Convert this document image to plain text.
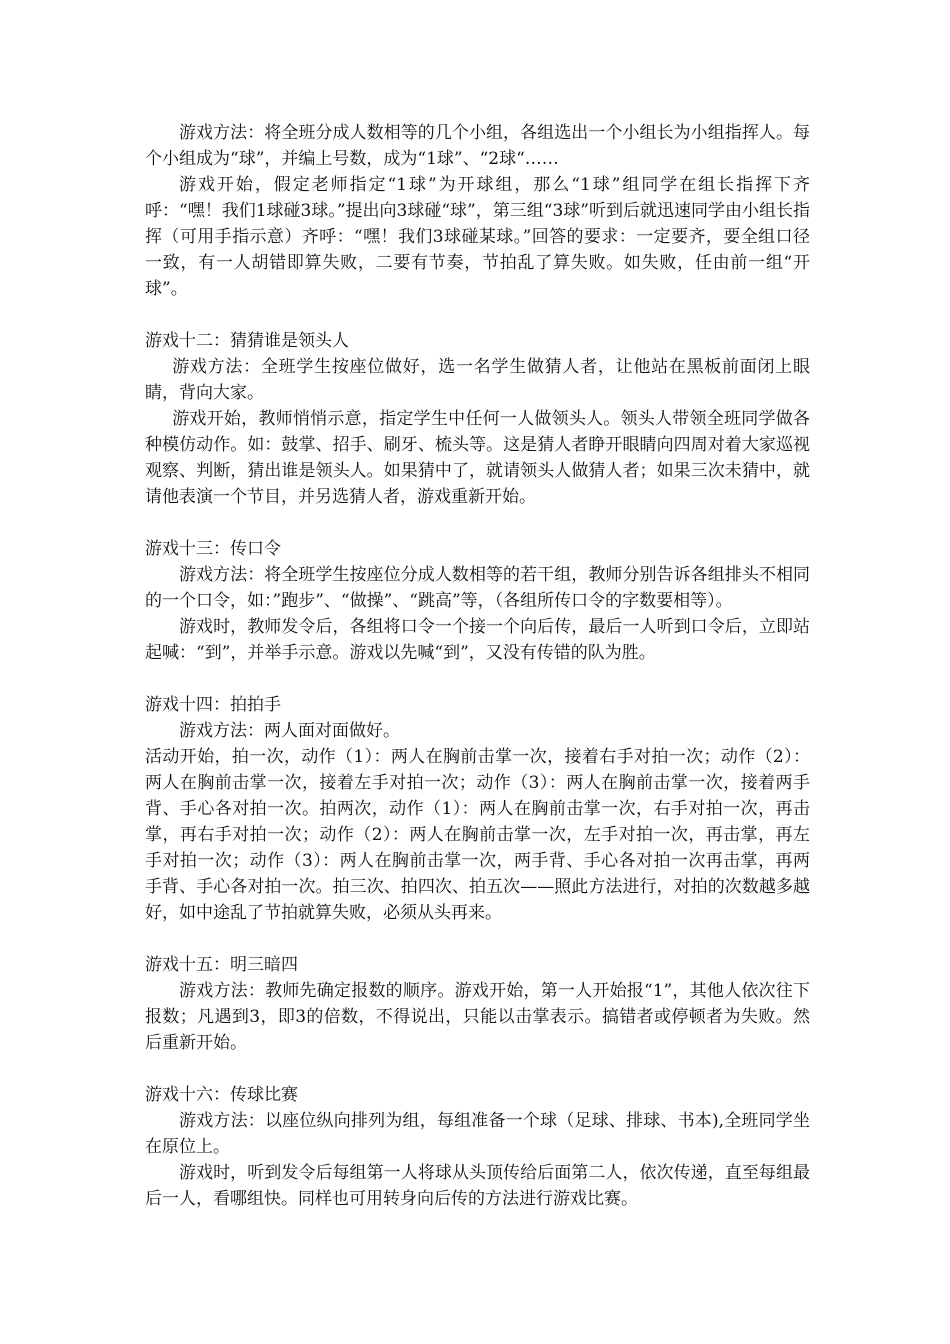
游戏方法：将全班分成人数相等的几个小组，各组选出一个小组长为小组指挥人。每个小组成为“球”，并编上号数，成为“1球”、“2球“……

游戏开始，假定老师指定“1球”为开球组，那么“1球”组同学在组长指挥下齐呼：“嘿！我们1球碰3球。”提出向3球碰“球”，第三组“3球”听到后就迅速同学由小组长指挥（可用手指示意）齐呼：“嘿！我们3球碰某球。”回答的要求：一定要齐，要全组口径一致，有一人胡错即算失败，二要有节奏，节拍乱了算失败。如失败，任由前一组“开球”。

游戏十二：猜猜谁是领头人

游戏方法：全班学生按座位做好，选一名学生做猜人者，让他站在黑板前面闭上眼睛，背向大家。

游戏开始，教师悄悄示意，指定学生中任何一人做领头人。领头人带领全班同学做各种模仿动作。如：鼓掌、招手、刷牙、梳头等。这是猜人者睁开眼睛向四周对着大家巡视观察、判断，猜出谁是领头人。如果猜中了，就请领头人做猜人者；如果三次未猜中，就请他表演一个节目，并另选猜人者，游戏重新开始。

游戏十三：传口令

游戏方法：将全班学生按座位分成人数相等的若干组，教师分别告诉各组排头不相同的一个口令，如：”跑步”、“做操”、“跳高”等，（各组所传口令的字数要相等）。

游戏时，教师发令后，各组将口令一个接一个向后传，最后一人听到口令后，立即站起喊：“到”，并举手示意。游戏以先喊“到”，又没有传错的队为胜。

游戏十四：拍拍手

游戏方法：两人面对面做好。

活动开始，拍一次，动作（1）：两人在胸前击掌一次，接着右手对拍一次；动作（2）：两人在胸前击掌一次，接着左手对拍一次；动作（3）：两人在胸前击掌一次，接着两手背、手心各对拍一次。拍两次，动作（1）：两人在胸前击掌一次，右手对拍一次，再击掌，再右手对拍一次；动作（2）：两人在胸前击掌一次，左手对拍一次，再击掌，再左手对拍一次；动作（3）：两人在胸前击掌一次，两手背、手心各对拍一次再击掌，再两手背、手心各对拍一次。拍三次、拍四次、拍五次——照此方法进行，对拍的次数越多越好，如中途乱了节拍就算失败，必须从头再来。

游戏十五：明三暗四

游戏方法：教师先确定报数的顺序。游戏开始，第一人开始报“1”，其他人依次往下报数；凡遇到3，即3的倍数，不得说出，只能以击掌表示。搞错者或停顿者为失败。然后重新开始。

游戏十六：传球比赛

游戏方法：以座位纵向排列为组，每组准备一个球（足球、排球、书本),全班同学坐在原位上。

游戏时，听到发令后每组第一人将球从头顶传给后面第二人，依次传递，直至每组最后一人，看哪组快。同样也可用转身向后传的方法进行游戏比赛。
